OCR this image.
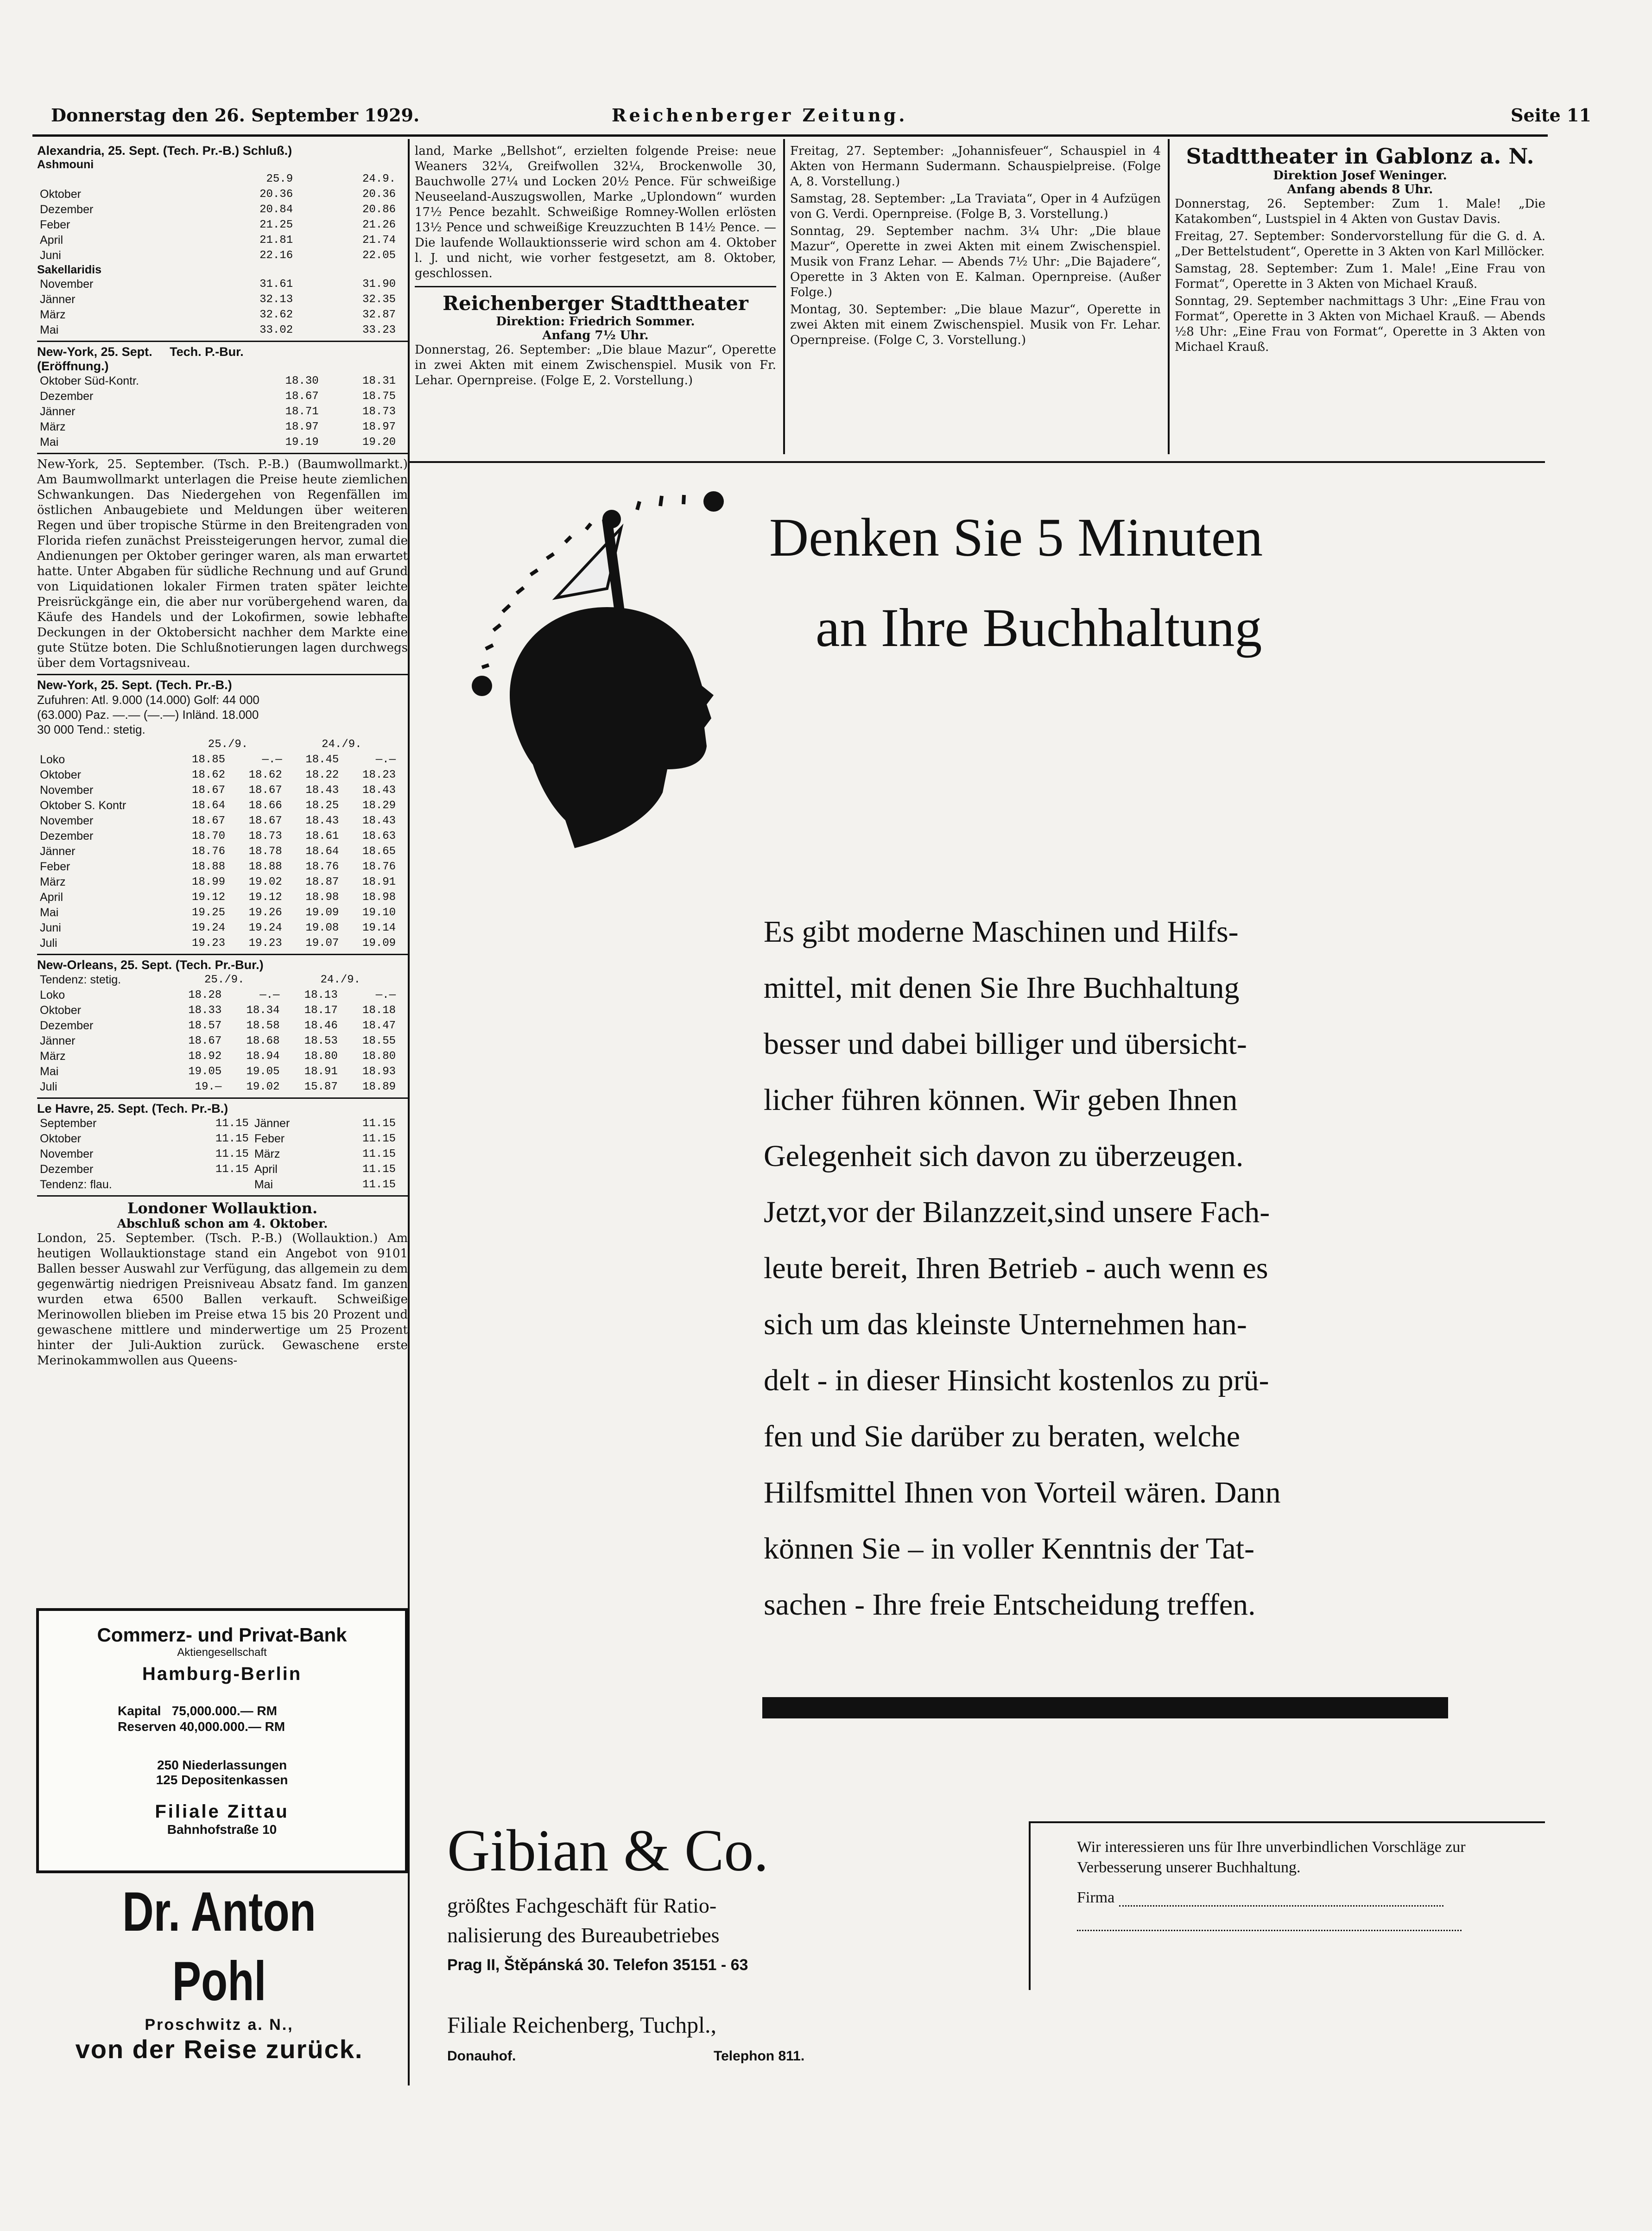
Donnerstag den 26. September 1929.	Reichenberger Zeitung.	Seite 11
Alexandria, 25. Sept. (Tech. Pr.-B.) Schluß.)
Ashmouni
	25.9	24.9.
Oktober	20.36	20.36
Dezember	20.84	20.86
Feber	21.25	21.26
April	21.81	21.74
Juni	22.16	22.05
Sakellaridis
November	31.61	31.90
Jänner	32.13	32.35
März	32.62	32.87
Mai	33.02	33.23
New-York, 25. Sept. Tech. P.-Bur.
(Eröffnung.)
Oktober Süd-Kontr.	18.30	18.31
Dezember	18.67	18.75
Jänner	18.71	18.73
März	18.97	18.97
Mai	19.19	19.20

New-York, 25. September. (Tsch. P.-B.) (Baumwollmarkt.) Am Baumwollmarkt unterlagen die Preise heute ziemlichen Schwankungen. Das Niedergehen von Regenfällen im östlichen Anbaugebiete und Meldungen über weiteren Regen und über tropische Stürme in den Breitengraden von Florida riefen zunächst Preissteigerungen hervor, zumal die Andienungen per Oktober geringer waren, als man erwartet hatte. Unter Abgaben für südliche Rechnung und auf Grund von Liquidationen lokaler Firmen traten später leichte Preisrückgänge ein, die aber nur vorübergehend waren, da Käufe des Handels und der Lokofirmen, sowie lebhafte Deckungen in der Oktobersicht nachher dem Markte eine gute Stütze boten. Die Schlußnotierungen lagen durchwegs über dem Vortagsniveau.

New-York, 25. Sept. (Tech. Pr.-B.)
Zufuhren: Atl. 9.000 (14.000) Golf: 44 000
(63.000) Paz. —.— (—.—) Inländ. 18.000
30 000 Tend.: stetig.
	25./9.		24./9.	
Loko	18.85	—.—	18.45	—.—
Oktober	18.62	18.62	18.22	18.23
November	18.67	18.67	18.43	18.43
Oktober S. Kontr	18.64	18.66	18.25	18.29
November	18.67	18.67	18.43	18.43
Dezember	18.70	18.73	18.61	18.63
Jänner	18.76	18.78	18.64	18.65
Feber	18.88	18.88	18.76	18.76
März	18.99	19.02	18.87	18.91
April	19.12	19.12	18.98	18.98
Mai	19.25	19.26	19.09	19.10
Juni	19.24	19.24	19.08	19.14
Juli	19.23	19.23	19.07	19.09
New-Orleans, 25. Sept. (Tech. Pr.-Bur.)
Tendenz: stetig.	25./9.		24./9.	
Loko	18.28	—.—	18.13	—.—
Oktober	18.33	18.34	18.17	18.18
Dezember	18.57	18.58	18.46	18.47
Jänner	18.67	18.68	18.53	18.55
März	18.92	18.94	18.80	18.80
Mai	19.05	19.05	18.91	18.93
Juli	19.—	19.02	15.87	18.89
Le Havre, 25. Sept. (Tech. Pr.-B.)
September	11.15	Jänner	11.15
Oktober	11.15	Feber	11.15
November	11.15	März	11.15
Dezember	11.15	April	11.15
Tendenz: flau.		Mai	11.15
Londoner Wollauktion.
Abschluß schon am 4. Oktober.

London, 25. September. (Tsch. P.-B.) (Wollauktion.) Am heutigen Wollauktionstage stand ein Angebot von 9101 Ballen besser Auswahl zur Verfügung, das allgemein zu dem gegenwärtig niedrigen Preisniveau Absatz fand. Im ganzen wurden etwa 6500 Ballen verkauft. Schweißige Merinowollen blieben im Preise etwa 15 bis 20 Prozent und gewaschene mittlere und minderwertige um 25 Prozent hinter der Juli-Auktion zurück. Gewaschene erste Merinokammwollen aus Queens-

land, Marke „Bellshot“, erzielten folgende Preise: neue Weaners 32¼, Greifwollen 32¼, Brockenwolle 30, Bauchwolle 27¼ und Locken 20½ Pence. Für schweißige Neuseeland-Auszugswollen, Marke „Uplondown“ wurden 17½ Pence bezahlt. Schweißige Romney-Wollen erlösten 13½ Pence und schweißige Kreuzzuchten B 14½ Pence. — Die laufende Wollauktionsserie wird schon am 4. Oktober l. J. und nicht, wie vorher festgesetzt, am 8. Oktober, geschlossen.

Reichenberger Stadttheater
Direktion: Friedrich Sommer.
Anfang 7½ Uhr.

Donnerstag, 26. September: „Die blaue Mazur“, Operette in zwei Akten mit einem Zwischenspiel. Musik von Fr. Lehar. Opernpreise. (Folge E, 2. Vorstellung.)

Freitag, 27. September: „Johannisfeuer“, Schauspiel in 4 Akten von Hermann Sudermann. Schauspielpreise. (Folge A, 8. Vorstellung.)

Samstag, 28. September: „La Traviata“, Oper in 4 Aufzügen von G. Verdi. Opernpreise. (Folge B, 3. Vorstellung.)

Sonntag, 29. September nachm. 3¼ Uhr: „Die blaue Mazur“, Operette in zwei Akten mit einem Zwischenspiel. Musik von Franz Lehar. — Abends 7½ Uhr: „Die Bajadere“, Operette in 3 Akten von E. Kalman. Opernpreise. (Außer Folge.)

Montag, 30. September: „Die blaue Mazur“, Operette in zwei Akten mit einem Zwischenspiel. Musik von Fr. Lehar. Opernpreise. (Folge C, 3. Vorstellung.)

Stadttheater in Gablonz a. N.
Direktion Josef Weninger.
Anfang abends 8 Uhr.

Donnerstag, 26. September: Zum 1. Male! „Die Katakomben“, Lustspiel in 4 Akten von Gustav Davis.

Freitag, 27. September: Sondervorstellung für die G. d. A. „Der Bettelstudent“, Operette in 3 Akten von Karl Millöcker.

Samstag, 28. September: Zum 1. Male! „Eine Frau von Format“, Operette in 3 Akten von Michael Krauß.

Sonntag, 29. September nachmittags 3 Uhr: „Eine Frau von Format“, Operette in 3 Akten von Michael Krauß. — Abends ½8 Uhr: „Eine Frau von Format“, Operette in 3 Akten von Michael Krauß.

Denken Sie 5 Minuten
an Ihre Buchhaltung
Es gibt moderne Maschinen und Hilfs-
mittel, mit denen Sie Ihre Buchhaltung
besser und dabei billiger und übersicht-
licher führen können. Wir geben Ihnen
Gelegenheit sich davon zu überzeugen.
Jetzt,vor der Bilanzzeit,sind unsere Fach-
leute bereit, Ihren Betrieb - auch wenn es
sich um das kleinste Unternehmen han-
delt - in dieser Hinsicht kostenlos zu prü-
fen und Sie darüber zu beraten, welche
Hilfsmittel Ihnen von Vorteil wären. Dann
können Sie – in voller Kenntnis der Tat-
sachen - Ihre freie Entscheidung treffen.
Gibian & Co.
größtes Fachgeschäft für Ratio-
nalisierung des Bureaubetriebes
Prag II, Štěpánská 30. Telefon 35151 - 63
Filiale Reichenberg, Tuchpl.,
Donauhof.	Telephon 811.
Wir interessieren uns für Ihre unverbindlichen Vorschläge zur Verbesserung unserer Buchhaltung.
Firma
Commerz- und Privat-Bank
Aktiengesellschaft
Hamburg-Berlin
Kapital 75,000.000.— RM
Reserven 40,000.000.— RM
250 Niederlassungen
125 Depositenkassen
Filiale Zittau
Bahnhofstraße 10
Dr. Anton Pohl
Proschwitz a. N.,
von der Reise zurück.
